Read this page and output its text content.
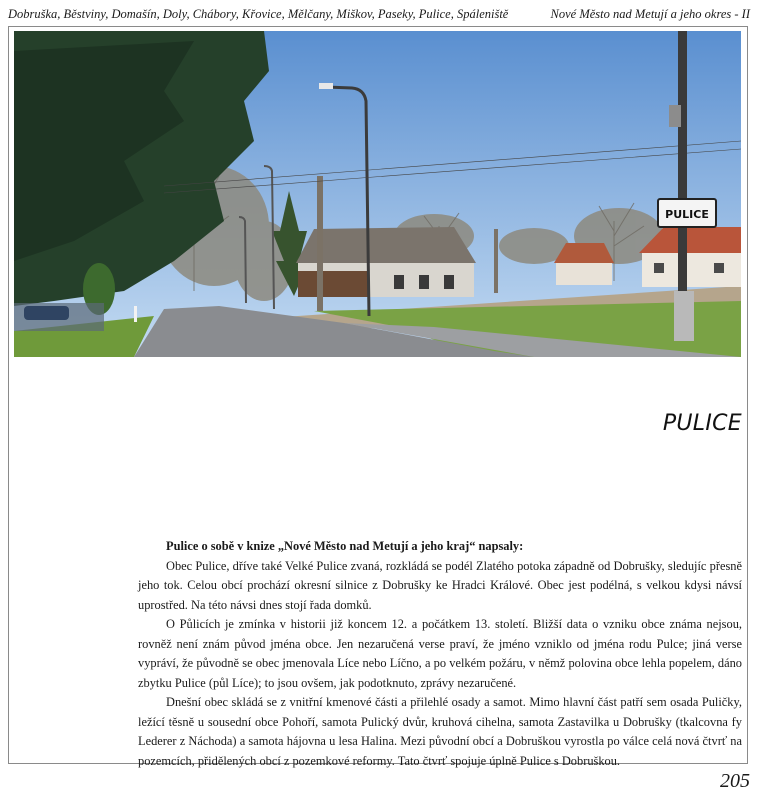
Dobruška, Běstviny, Domašín, Doly, Chábory, Křovice, Mělčany, Miškov, Paseky, Pulice, Spáleniště	Nové Město nad Metují a jeho okres - II
PULICE
PULICE

Pulice o sobě v knize „Nové Město nad Metují a jeho kraj“ napsaly:

Obec Pulice, dříve také Velké Pulice zvaná, rozkládá se podél Zlatého potoka západně od Dobrušky, sledujíc přesně jeho tok. Celou obcí prochází okresní silnice z Dobrušky ke Hradci Králové. Obec jest podélná, s velkou kdysi návsí uprostřed. Na této návsi dnes stojí řada domků.

O Půlicích je zmínka v historii již koncem 12. a počátkem 13. století. Bližší data o vzniku obce známa nejsou, rovněž není znám původ jména obce. Jen nezaručená verse praví, že jméno vzniklo od jména rodu Pulce; jiná verse vypráví, že původně se obec jmenovala Líce nebo Líčno, a po velkém požáru, v němž polovina obce lehla popelem, dáno zbytku Pulice (půl Líce); to jsou ovšem, jak podotknuto, zprávy nezaručené.

Dnešní obec skládá se z vnitřní kmenové části a přilehlé osady a samot. Mimo hlavní část patří sem osada Puličky, ležící těsně u sousední obce Pohoří, samota Pulický dvůr, kruhová cihelna, samota Zastavilka u Dobrušky (tkalcovna fy Lederer z Náchoda) a samota hájovna u lesa Halina. Mezi původní obcí a Dobruškou vyrostla po válce celá nová čtvrť na pozemcích, přidělených obcí z pozemkové reformy. Tato čtvrť spojuje úplně Pulice s Dobruškou.

205
